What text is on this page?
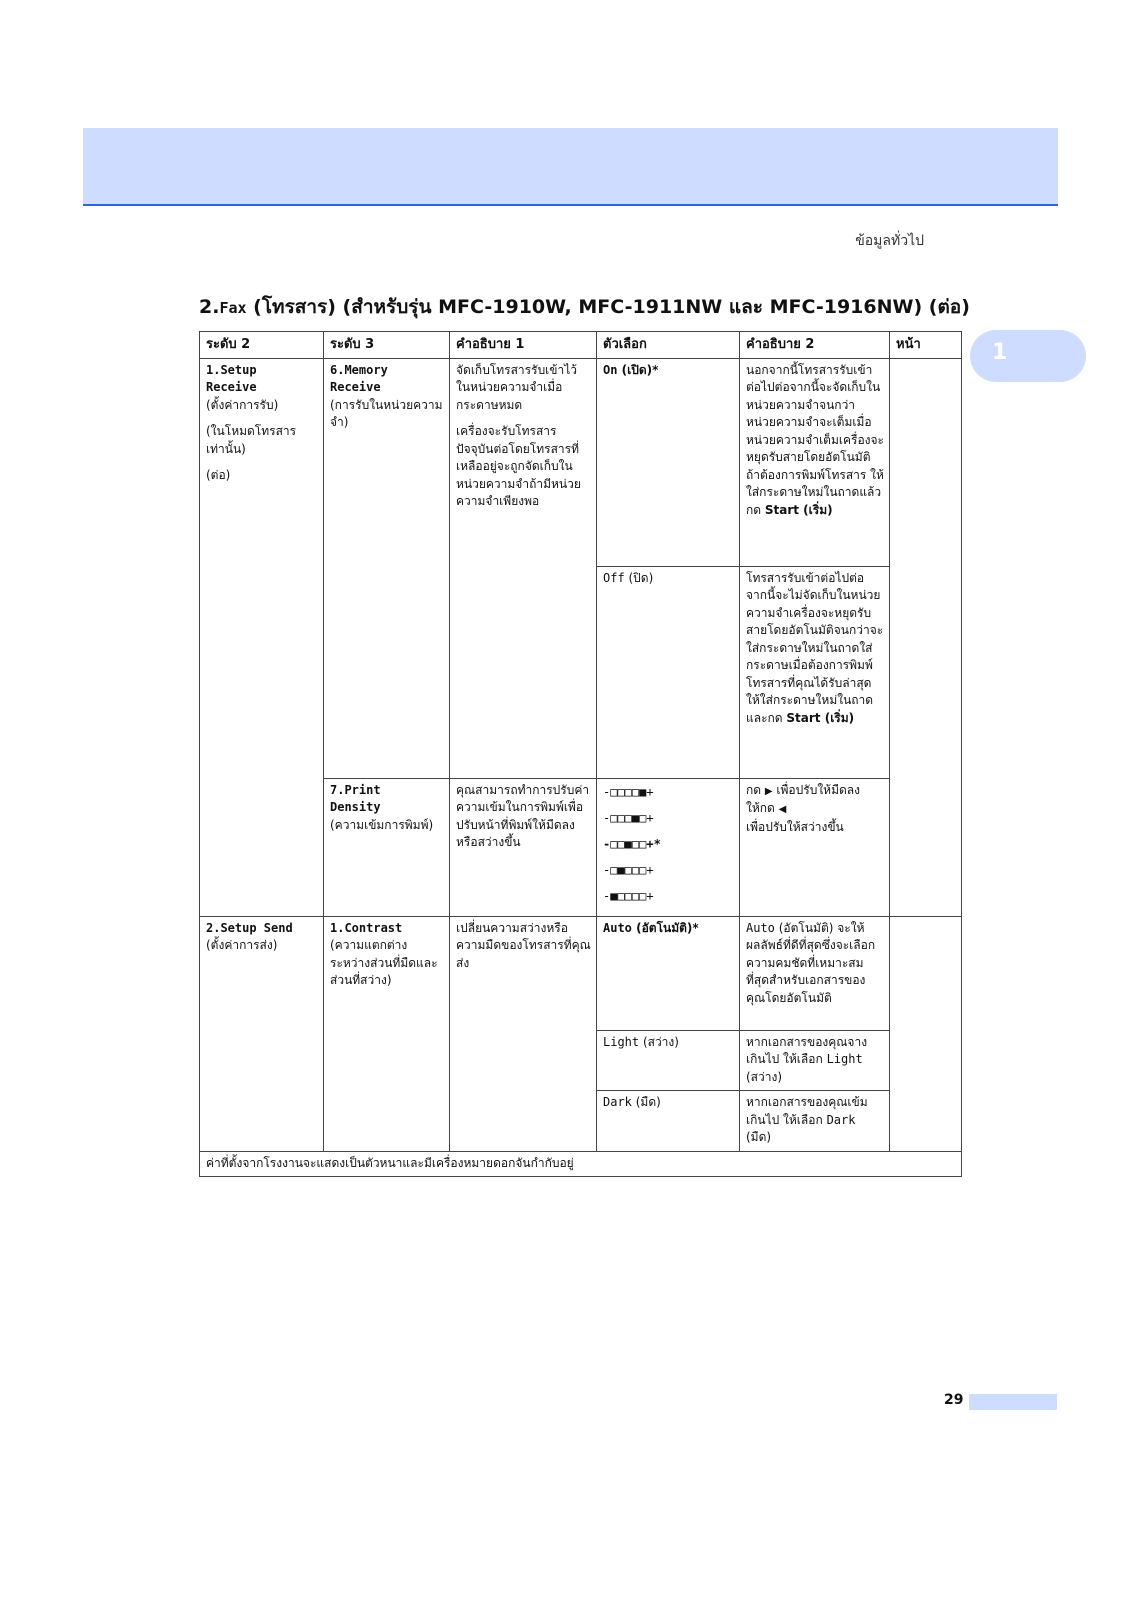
ข้อมูลทั่วไป
1
2.Fax (โทรสาร) (สำหรับรุ่น MFC-1910W, MFC-1911NW และ MFC-1916NW) (ต่อ)
ระดับ 2	ระดับ 3	คำอธิบาย 1	ตัวเลือก	คำอธิบาย 2	หน้า

1.Setup
Receive
(ตั้งค่าการรับ)
(ในโหมดโทรสารเท่านั้น)
(ต่อ)	6.Memory
Receive
(การรับในหน่วยความจำ)	จัดเก็บโทรสารรับเข้าไว้ในหน่วยความจำเมื่อกระดาษหมด
เครื่องจะรับโทรสารปัจจุบันต่อโดยโทรสารที่เหลืออยู่จะถูกจัดเก็บในหน่วยความจำถ้ามีหน่วยความจำเพียงพอ	On (เปิด)*	นอกจากนี้โทรสารรับเข้าต่อไปต่อจากนี้จะจัดเก็บในหน่วยความจำจนกว่าหน่วยความจำจะเต็มเมื่อหน่วยความจำเต็มเครื่องจะหยุดรับสายโดยอัตโนมัติถ้าต้องการพิมพ์โทรสาร ให้ใส่กระดาษใหม่ในถาดแล้วกด Start (เริ่ม)	
			Off (ปิด)	โทรสารรับเข้าต่อไปต่อจากนี้จะไม่จัดเก็บในหน่วยความจำเครื่องจะหยุดรับสายโดยอัตโนมัติจนกว่าจะใส่กระดาษใหม่ในถาดใส่กระดาษเมื่อต้องการพิมพ์โทรสารที่คุณได้รับล่าสุดให้ใส่กระดาษใหม่ในถาด และกด Start (เริ่ม)	

	7.Print
Density
(ความเข้มการพิมพ์)	คุณสามารถทำการปรับค่าความเข้มในการพิมพ์เพื่อปรับหน้าที่พิมพ์ให้มืดลงหรือสว่างขึ้น	-□□□□■+
-□□□■□+
-□□■□□+*
-□■□□□+
-■□□□□+	กด ▶ เพื่อปรับให้มืดลง
ให้กด ◀
เพื่อปรับให้สว่างขึ้น	

2.Setup Send
(ตั้งค่าการส่ง)	1.Contrast
(ความแตกต่างระหว่างส่วนที่มืดและส่วนที่สว่าง)	เปลี่ยนความสว่างหรือความมืดของโทรสารที่คุณส่ง	Auto (อัตโนมัติ)*	Auto (อัตโนมัติ) จะให้ผลลัพธ์ที่ดีที่สุดซึ่งจะเลือกความคมชัดที่เหมาะสมที่สุดสำหรับเอกสารของคุณโดยอัตโนมัติ	
			Light (สว่าง)	หากเอกสารของคุณจางเกินไป ให้เลือก Light (สว่าง)	
			Dark (มืด)	หากเอกสารของคุณเข้มเกินไป ให้เลือก Dark (มืด)	
ค่าที่ตั้งจากโรงงานจะแสดงเป็นตัวหนาและมีเครื่องหมายดอกจันกำกับอยู่					
29
